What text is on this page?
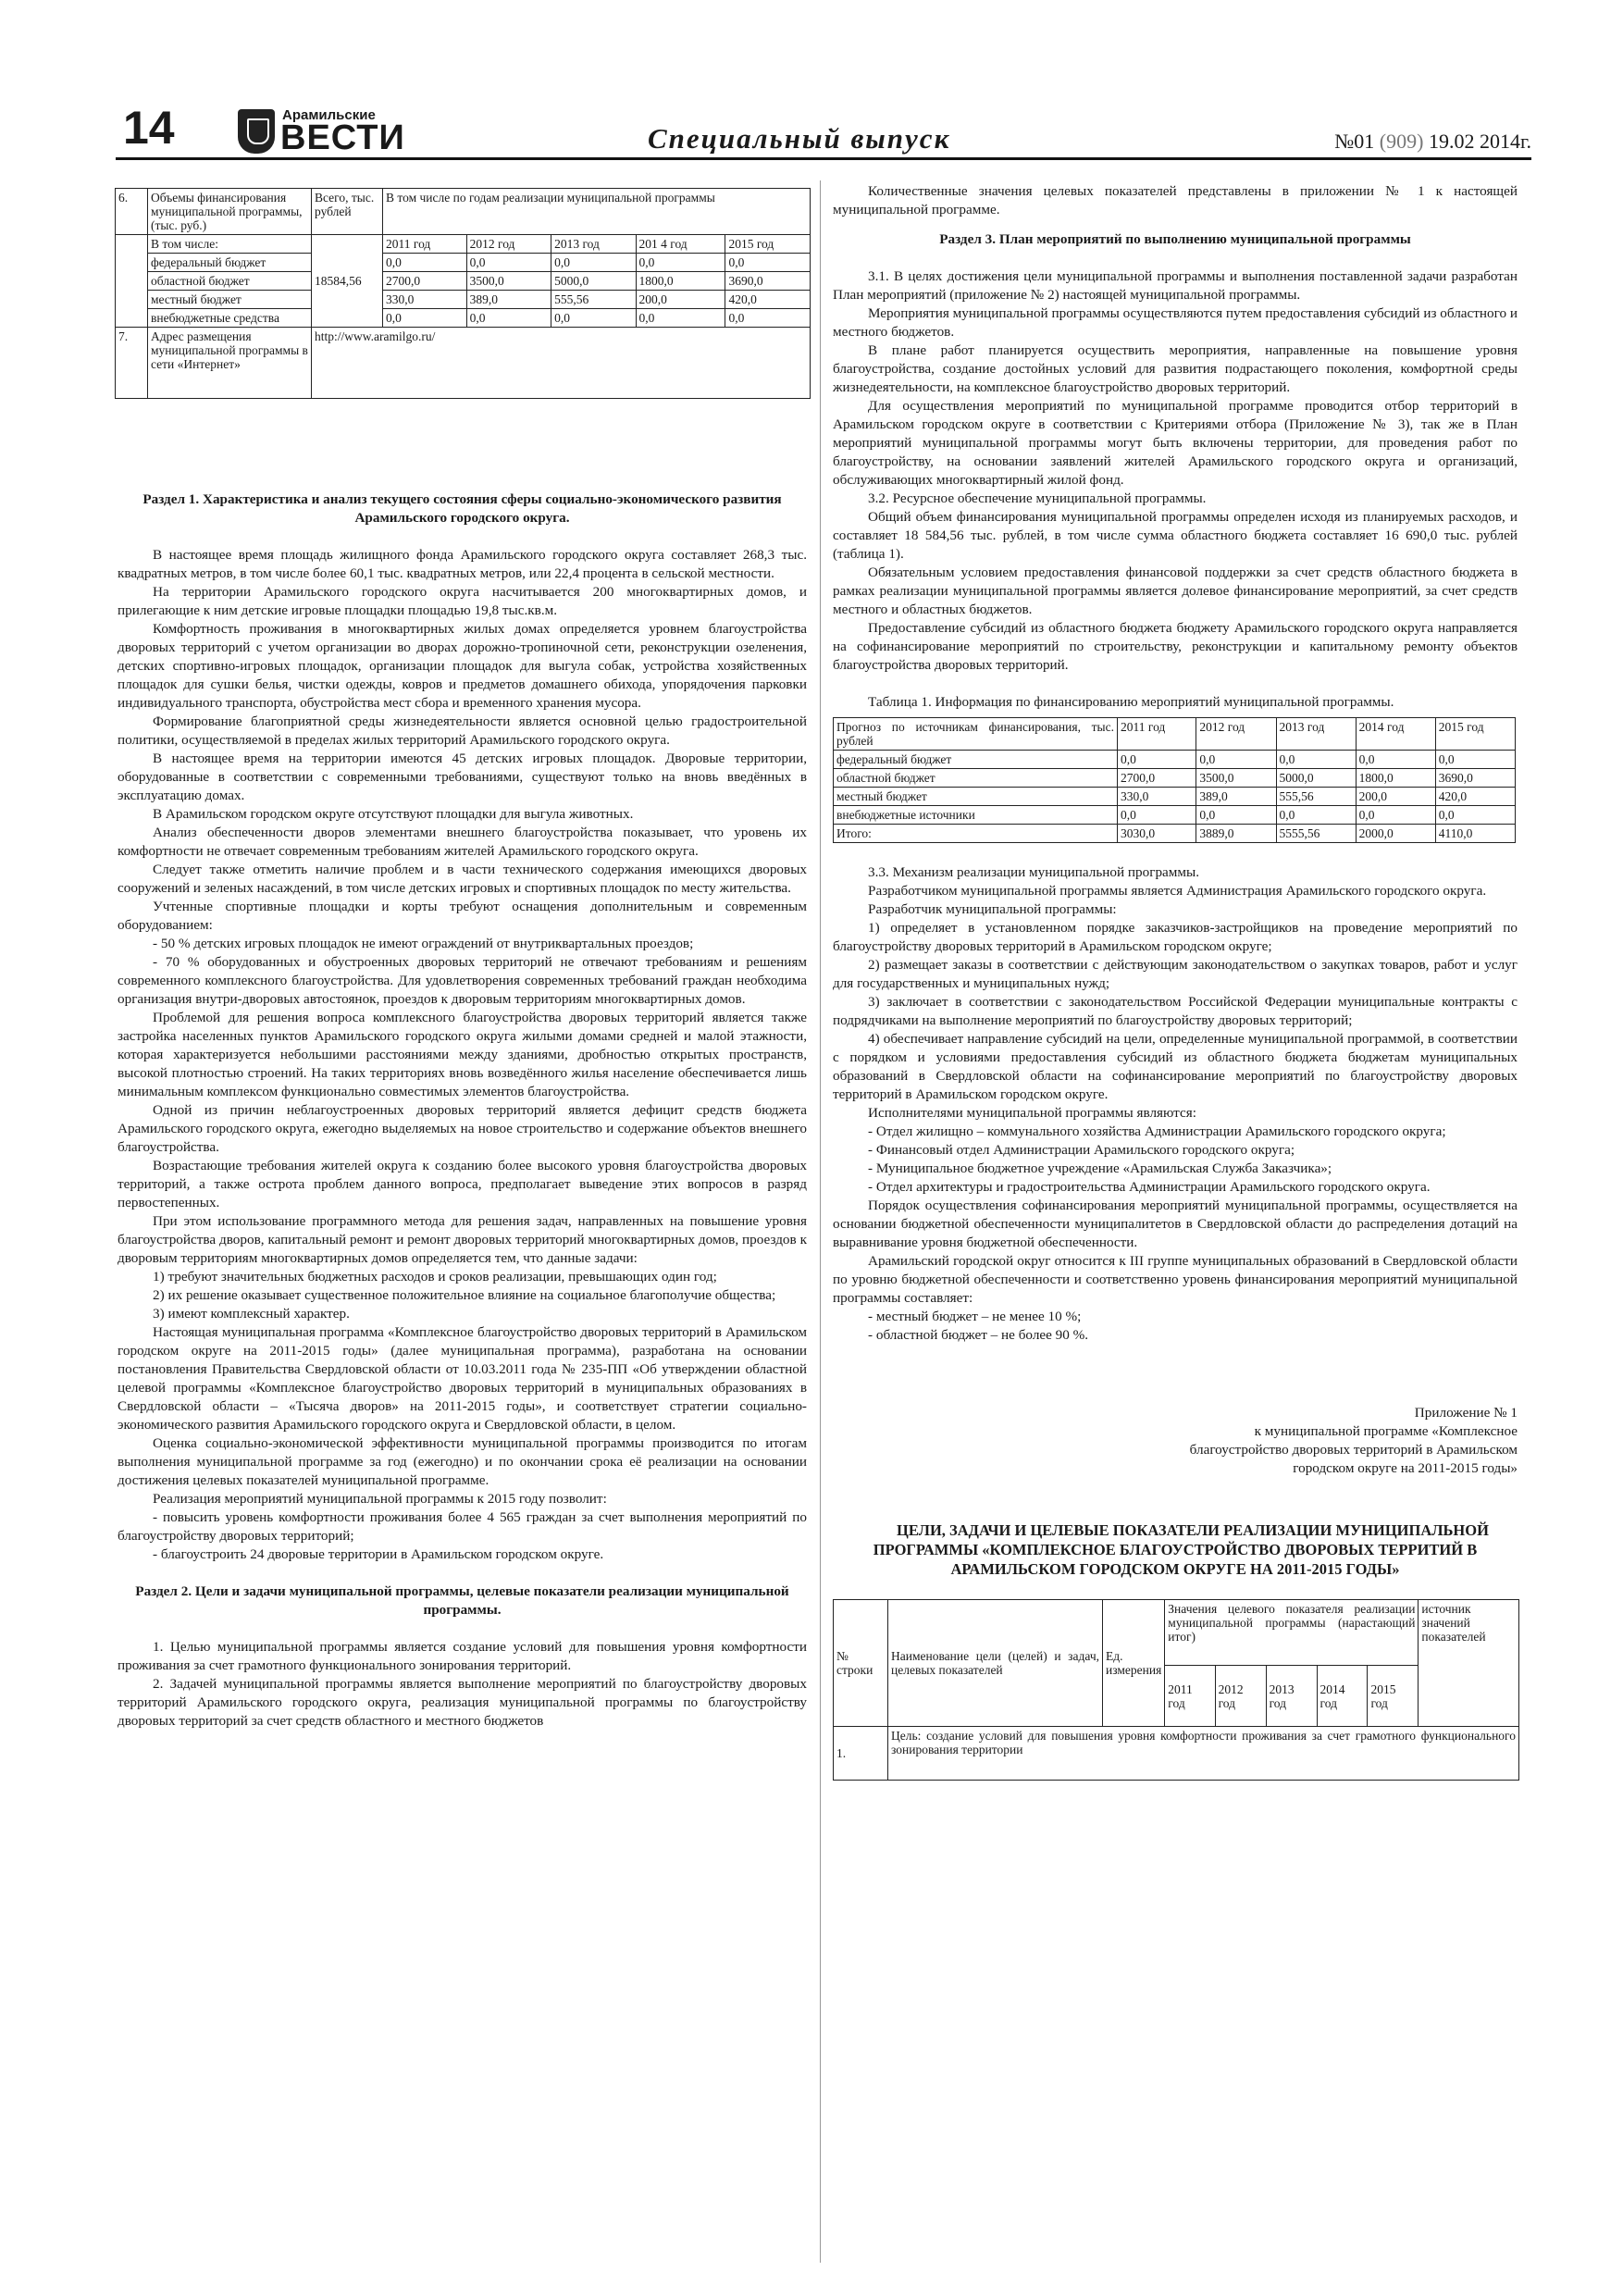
14	Арамильские
ВЕСТИ	Специальный выпуск	№01 (909) 19.02 2014г.
6.	Объемы финансирования муниципальной программы, (тыс. руб.)	Всего, тыс. рублей	В том числе по годам реализации муниципальной программы				
	В том числе:	18584,56	2011 год	2012 год	2013 год	201 4 год	2015 год
	федеральный бюджет		0,0	0,0	0,0	0,0	0,0
	областной бюджет		2700,0	3500,0	5000,0	1800,0	3690,0
	местный бюджет		330,0	389,0	555,56	200,0	420,0
	внебюджетные средства		0,0	0,0	0,0	0,0	0,0
7.	Адрес размещения муниципальной программы в сети «Интернет»	http://www.aramilgo.ru/					
Раздел 1. Характеристика и анализ текущего состояния сферы социально-экономического развития Арамильского городского округа.

В настоящее время площадь жилищного фонда Арамильского городского округа составляет 268,3 тыс. квадратных метров, в том числе более 60,1 тыс. квадратных метров, или 22,4 процента в сельской местности.

На территории Арамильского городского округа насчитывается 200 многоквартирных домов, и прилегающие к ним детские игровые площадки площадью 19,8 тыс.кв.м.

Комфортность проживания в многоквартирных жилых домах определяется уровнем благоустройства дворовых территорий с учетом организации во дворах дорожно-тропиночной сети, реконструкции озеленения, детских спортивно-игровых площадок, организации площадок для выгула собак, устройства хозяйственных площадок для сушки белья, чистки одежды, ковров и предметов домашнего обихода, упорядочения парковки индивидуального транспорта, обустройства мест сбора и временного хранения мусора.

Формирование благоприятной среды жизнедеятельности является основной целью градостроительной политики, осуществляемой в пределах жилых территорий Арамильского городского округа.

В настоящее время на территории имеются 45 детских игровых площадок. Дворовые территории, оборудованные в соответствии с современными требованиями, существуют только на вновь введённых в эксплуатацию домах.

В Арамильском городском округе отсутствуют площадки для выгула животных.

Анализ обеспеченности дворов элементами внешнего благоустройства показывает, что уровень их комфортности не отвечает современным требованиям жителей Арамильского городского округа.

Следует также отметить наличие проблем и в части технического содержания имеющихся дворовых сооружений и зеленых насаждений, в том числе детских игровых и спортивных площадок по месту жительства.

Учтенные спортивные площадки и корты требуют оснащения дополнительным и современным оборудованием:

- 50 % детских игровых площадок не имеют ограждений от внутриквартальных проездов;

- 70 % оборудованных и обустроенных дворовых территорий не отвечают требованиям и решениям современного комплексного благоустройства. Для удовлетворения современных требований граждан необходима организация внутри-дворовых автостоянок, проездов к дворовым территориям многоквартирных домов.

Проблемой для решения вопроса комплексного благоустройства дворовых территорий является также застройка населенных пунктов Арамильского городского округа жилыми домами средней и малой этажности, которая характеризуется небольшими расстояниями между зданиями, дробностью открытых пространств, высокой плотностью строений. На таких территориях вновь возведённого жилья население обеспечивается лишь минимальным комплексом функционально совместимых элементов благоустройства.

Одной из причин неблагоустроенных дворовых территорий является дефицит средств бюджета Арамильского городского округа, ежегодно выделяемых на новое строительство и содержание объектов внешнего благоустройства.

Возрастающие требования жителей округа к созданию более высокого уровня благоустройства дворовых территорий, а также острота проблем данного вопроса, предполагает выведение этих вопросов в разряд первостепенных.

При этом использование программного метода для решения задач, направленных на повышение уровня благоустройства дворов, капитальный ремонт и ремонт дворовых территорий многоквартирных домов, проездов к дворовым территориям многоквартирных домов определяется тем, что данные задачи:

1) требуют значительных бюджетных расходов и сроков реализации, превышающих один год;

2) их решение оказывает существенное положительное влияние на социальное благополучие общества;

3) имеют комплексный характер.

Настоящая муниципальная программа «Комплексное благоустройство дворовых территорий в Арамильском городском округе на 2011-2015 годы» (далее муниципальная программа), разработана на основании постановления Правительства Свердловской области от 10.03.2011 года № 235-ПП «Об утверждении областной целевой программы «Комплексное благоустройство дворовых территорий в муниципальных образованиях в Свердловской области – «Тысяча дворов» на 2011-2015 годы», и соответствует стратегии социально-экономического развития Арамильского городского округа и Свердловской области, в целом.

Оценка социально-экономической эффективности муниципальной программы производится по итогам выполнения муниципальной программе за год (ежегодно) и по окончании срока её реализации на основании достижения целевых показателей муниципальной программе.

Реализация мероприятий муниципальной программы к 2015 году позволит:

- повысить уровень комфортности проживания более 4 565 граждан за счет выполнения мероприятий по благоустройству дворовых территорий;

- благоустроить 24 дворовые территории в Арамильском городском округе.

Раздел 2. Цели и задачи муниципальной программы, целевые показатели реализации муниципальной программы.

1. Целью муниципальной программы является создание условий для повышения уровня комфортности проживания за счет грамотного функционального зонирования территорий.

2. Задачей муниципальной программы является выполнение мероприятий по благоустройству дворовых территорий Арамильского городского округа, реализация муниципальной программы по благоустройству дворовых территорий за счет средств областного и местного бюджетов

Количественные значения целевых показателей представлены в приложении № 1 к настоящей муниципальной программе.

Раздел 3. План мероприятий по выполнению муниципальной программы

3.1. В целях достижения цели муниципальной программы и выполнения поставленной задачи разработан План мероприятий (приложение № 2) настоящей муниципальной программы.

Мероприятия муниципальной программы осуществляются путем предоставления субсидий из областного и местного бюджетов.

В плане работ планируется осуществить мероприятия, направленные на повышение уровня благоустройства, создание достойных условий для развития подрастающего поколения, комфортной среды жизнедеятельности, на комплексное благоустройство дворовых территорий.

Для осуществления мероприятий по муниципальной программе проводится отбор территорий в Арамильском городском округе в соответствии с Критериями отбора (Приложение № 3), так же в План мероприятий муниципальной программы могут быть включены территории, для проведения работ по благоустройству, на основании заявлений жителей Арамильского городского округа и организаций, обслуживающих многоквартирный жилой фонд.

3.2. Ресурсное обеспечение муниципальной программы.

Общий объем финансирования муниципальной программы определен исходя из планируемых расходов, и составляет 18 584,56 тыс. рублей, в том числе сумма областного бюджета составляет 16 690,0 тыс. рублей (таблица 1).

Обязательным условием предоставления финансовой поддержки за счет средств областного бюджета в рамках реализации муниципальной программы является долевое финансирование мероприятий, за счет средств местного и областных бюджетов.

Предоставление субсидий из областного бюджета бюджету Арамильского городского округа направляется на софинансирование мероприятий по строительству, реконструкции и капитальному ремонту объектов благоустройства дворовых территорий.

Таблица 1. Информация по финансированию мероприятий муниципальной программы.

Прогноз по источникам финансирования, тыс. рублей	2011 год	2012 год	2013 год	2014 год	2015 год
федеральный бюджет	0,0	0,0	0,0	0,0	0,0
областной бюджет	2700,0	3500,0	5000,0	1800,0	3690,0
местный бюджет	330,0	389,0	555,56	200,0	420,0
внебюджетные источники	0,0	0,0	0,0	0,0	0,0
Итого:	3030,0	3889,0	5555,56	2000,0	4110,0

3.3. Механизм реализации муниципальной программы.

Разработчиком муниципальной программы является Администрация Арамильского городского округа.

Разработчик муниципальной программы:

1) определяет в установленном порядке заказчиков-застройщиков на проведение мероприятий по благоустройству дворовых территорий в Арамильском городском округе;

2) размещает заказы в соответствии с действующим законодательством о закупках товаров, работ и услуг для государственных и муниципальных нужд;

3) заключает в соответствии с законодательством Российской Федерации муниципальные контракты с подрядчиками на выполнение мероприятий по благоустройству дворовых территорий;

4) обеспечивает направление субсидий на цели, определенные муниципальной программой, в соответствии с порядком и условиями предоставления субсидий из областного бюджета бюджетам муниципальных образований в Свердловской области на софинансирование мероприятий по благоустройству дворовых территорий в Арамильском городском округе.

Исполнителями муниципальной программы являются:

- Отдел жилищно – коммунального хозяйства Администрации Арамильского городского округа;

- Финансовый отдел Администрации Арамильского городского округа;

- Муниципальное бюджетное учреждение «Арамильская Служба Заказчика»;

- Отдел архитектуры и градостроительства Администрации Арамильского городского округа.

Порядок осуществления софинансирования мероприятий муниципальной программы, осуществляется на основании бюджетной обеспеченности муниципалитетов в Свердловской области до распределения дотаций на выравнивание уровня бюджетной обеспеченности.

Арамильский городской округ относится к III группе муниципальных образований в Свердловской области по уровню бюджетной обеспеченности и соответственно уровень финансирования мероприятий муниципальной программы составляет:

- местный бюджет – не менее 10 %;

- областной бюджет – не более 90 %.

Приложение № 1
к муниципальной программе «Комплексное
благоустройство дворовых территорий в Арамильском
городском округе на 2011-2015 годы»

ЦЕЛИ, ЗАДАЧИ И ЦЕЛЕВЫЕ ПОКАЗАТЕЛИ РЕАЛИЗАЦИИ МУНИЦИПАЛЬНОЙ ПРОГРАММЫ «КОМПЛЕКСНОЕ БЛАГОУСТРОЙСТВО ДВОРОВЫХ ТЕРРИТИЙ В АРАМИЛЬСКОМ ГОРОДСКОМ ОКРУГЕ НА 2011-2015 ГОДЫ»

№ строки	Наименование цели (целей) и задач, целевых показателей	Ед. измерения	Значения целевого показателя реализации муниципальной программы (нарастающий итог)					источник значений показателей
			2011 год	2012 год	2013 год	2014 год	2015 год	
1.	Цель: создание условий для повышения уровня комфортности проживания за счет грамотного функционального зонирования территории							
